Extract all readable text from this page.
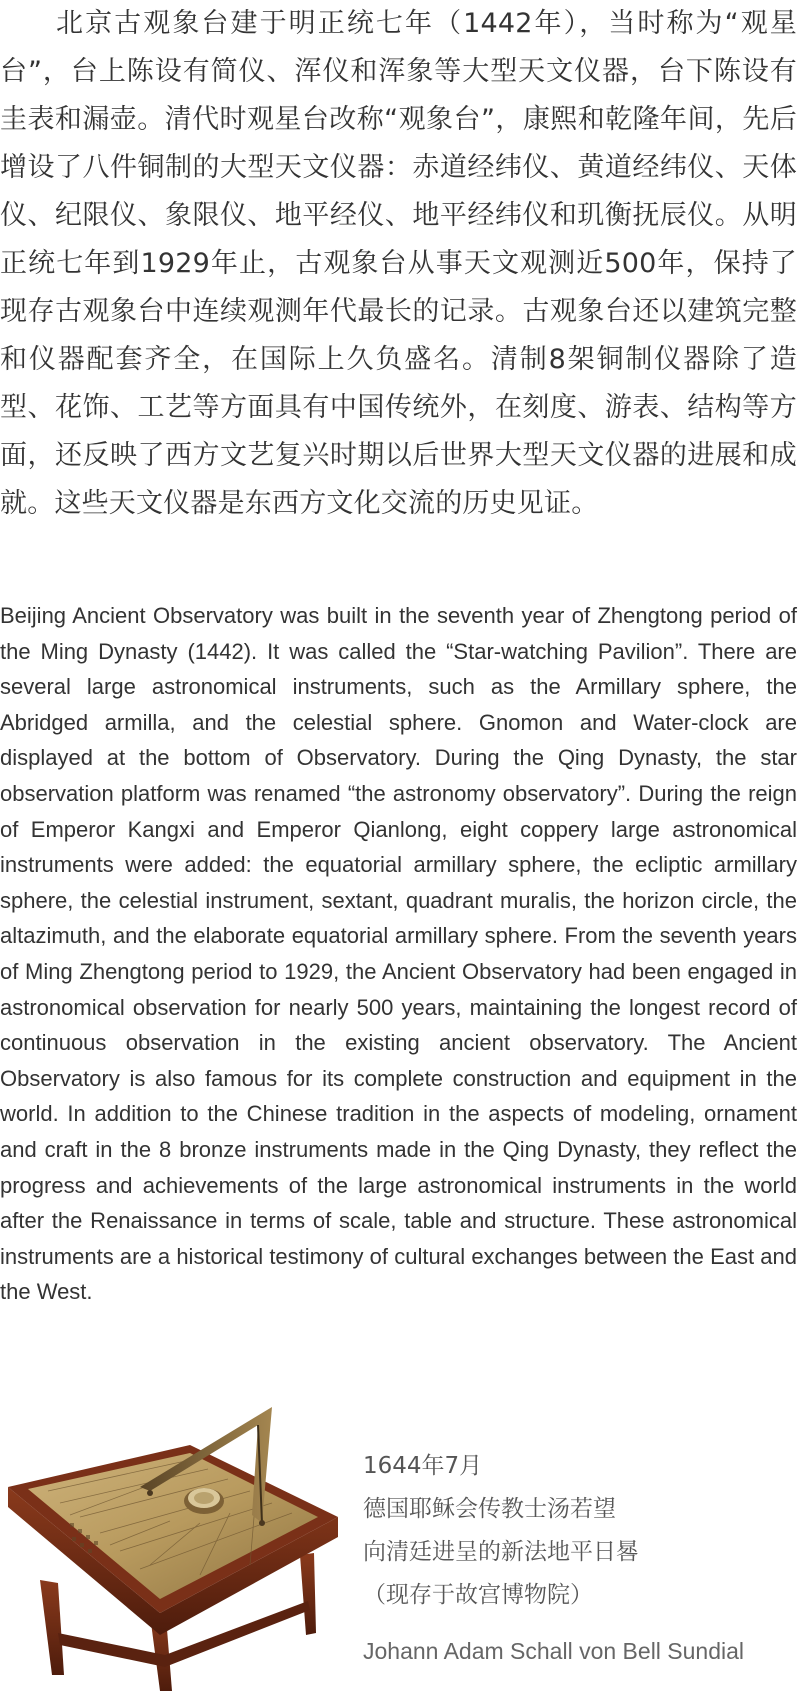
北京古观象台建于明正统七年（1442年），当时称为“观星台”，台上陈设有简仪、浑仪和浑象等大型天文仪器，台下陈设有圭表和漏壶。清代时观星台改称“观象台”，康熙和乾隆年间，先后增设了八件铜制的大型天文仪器：赤道经纬仪、黄道经纬仪、天体仪、纪限仪、象限仪、地平经仪、地平经纬仪和玑衡抚辰仪。从明正统七年到1929年止，古观象台从事天文观测近500年，保持了现存古观象台中连续观测年代最长的记录。古观象台还以建筑完整和仪器配套齐全，在国际上久负盛名。清制8架铜制仪器除了造型、花饰、工艺等方面具有中国传统外，在刻度、游表、结构等方面，还反映了西方文艺复兴时期以后世界大型天文仪器的进展和成就。这些天文仪器是东西方文化交流的历史见证。

Beijing Ancient Observatory was built in the seventh year of Zhengtong period of the Ming Dynasty (1442). It was called the “Star-watching Pavilion”. There are several large astronomical instruments, such as the Armillary sphere, the Abridged armilla, and the celestial sphere. Gnomon and Water-clock are displayed at the bottom of Observatory. During the Qing Dynasty, the star observation platform was renamed “the astronomy observatory”. During the reign of Emperor Kangxi and Emperor Qianlong, eight coppery large astronomical instruments were added: the equatorial armillary sphere, the ecliptic armillary sphere, the celestial instrument, sextant, quadrant muralis, the horizon circle, the altazimuth, and the elaborate equatorial armillary sphere. From the seventh years of Ming Zhengtong period to 1929, the Ancient Observatory had been engaged in astronomical observation for nearly 500 years, maintaining the longest record of continuous observation in the existing ancient observatory. The Ancient Observatory is also famous for its complete construction and equipment in the world. In addition to the Chinese tradition in the aspects of modeling, ornament and craft in the 8 bronze instruments made in the Qing Dynasty, they reflect the progress and achievements of the large astronomical instruments in the world after the Renaissance in terms of scale, table and structure. These astronomical instruments are a historical testimony of cultural exchanges between the East and the West.

1644年7月
德国耶稣会传教士汤若望
向清廷进呈的新法地平日晷
（现存于故宫博物院）
Johann Adam Schall von Bell Sundial
